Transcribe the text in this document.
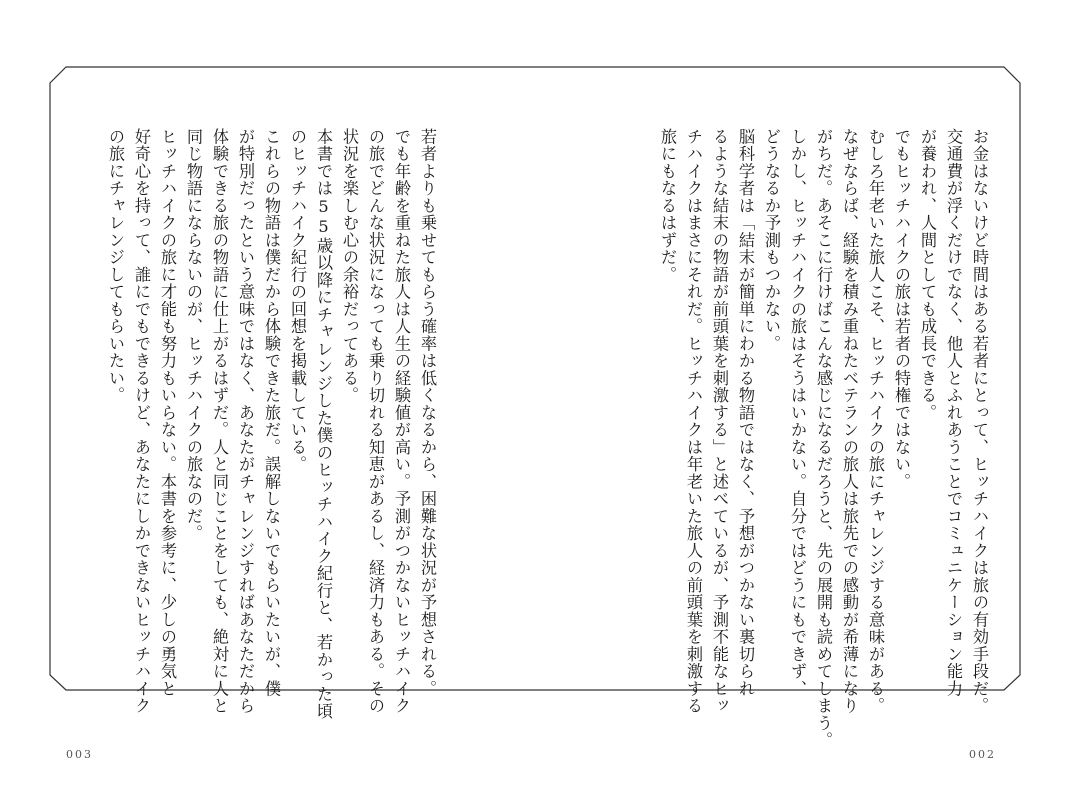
お金はないけど時間はある若者にとって、ヒッチハイクは旅の有効手段だ。

交通費が浮くだけでなく、他人とふれあうことでコミュニケーション能力

が養われ、人間としても成長できる。

でもヒッチハイクの旅は若者の特権ではない。

むしろ年老いた旅人こそ、ヒッチハイクの旅にチャレンジする意味がある。

なぜならば、経験を積み重ねたベテランの旅人は旅先での感動が希薄になり

がちだ。あそこに行けばこんな感じになるだろうと、先の展開も読めてしまう。

しかし、ヒッチハイクの旅はそうはいかない。自分ではどうにもできず、

どうなるか予測もつかない。

脳科学者は「結末が簡単にわかる物語ではなく、予想がつかない裏切られ

るような結末の物語が前頭葉を刺激する」と述べているが、予測不能なヒッ

チハイクはまさにそれだ。ヒッチハイクは年老いた旅人の前頭葉を刺激する

旅にもなるはずだ。

若者よりも乗せてもらう確率は低くなるから、困難な状況が予想される。

でも年齢を重ねた旅人は人生の経験値が高い。予測がつかないヒッチハイク

の旅でどんな状況になっても乗り切れる知恵があるし、経済力もある。その

状況を楽しむ心の余裕だってある。

本書では55歳以降にチャレンジした僕のヒッチハイク紀行と、若かった頃

のヒッチハイク紀行の回想を掲載している。

これらの物語は僕だから体験できた旅だ。誤解しないでもらいたいが、僕

が特別だったという意味ではなく、あなたがチャレンジすればあなただから

体験できる旅の物語に仕上がるはずだ。人と同じことをしても、絶対に人と

同じ物語にならないのが、ヒッチハイクの旅なのだ。

ヒッチハイクの旅に才能も努力もいらない。本書を参考に、少しの勇気と

好奇心を持って、誰にでもできるけど、あなたにしかできないヒッチハイク

の旅にチャレンジしてもらいたい。

003	002
